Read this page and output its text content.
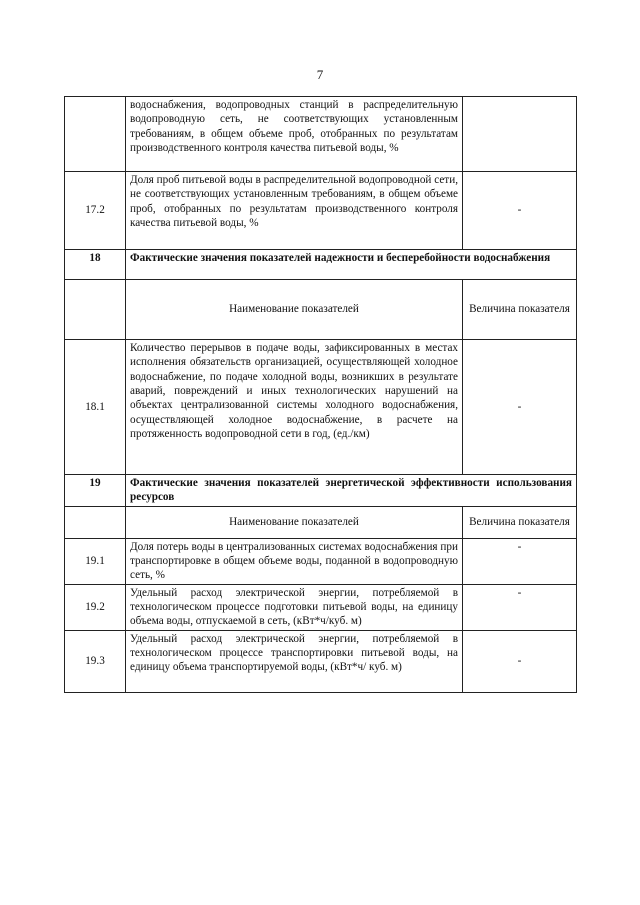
7
	водоснабжения, водопроводных станций в распределительную водопроводную сеть, не соответствующих установленным требованиям, в общем объеме проб, отобранных по результатам производственного контроля качества питьевой воды, %	
17.2	Доля проб питьевой воды в распределительной водопроводной сети, не соответствующих установленным требованиям, в общем объеме проб, отобранных по результатам производственного контроля качества питьевой воды, %	-
18	Фактические значения показателей надежности и бесперебойности водоснабжения	
	Наименование показателей	Величина показателя
18.1	Количество перерывов в подаче воды, зафиксированных в местах исполнения обязательств организацией, осуществляющей холодное водоснабжение, по подаче холодной воды, возникших в результате аварий, повреждений и иных технологических нарушений на объектах централизованной системы холодного водоснабжения, осуществляющей холодное водоснабжение, в расчете на протяженность водопроводной сети в год, (ед./км)	-
19	Фактические значения показателей энергетической эффективности использования ресурсов	
	Наименование показателей	Величина показателя
19.1	Доля потерь воды в централизованных системах водоснабжения при транспортировке в общем объеме воды, поданной в водопроводную сеть, %	-
19.2	Удельный расход электрической энергии, потребляемой в технологическом процессе подготовки питьевой воды, на единицу объема воды, отпускаемой в сеть, (кВт*ч/куб. м)	-
19.3	Удельный расход электрической энергии, потребляемой в технологическом процессе транспортировки питьевой воды, на единицу объема транспортируемой воды, (кВт*ч/ куб. м)	-
